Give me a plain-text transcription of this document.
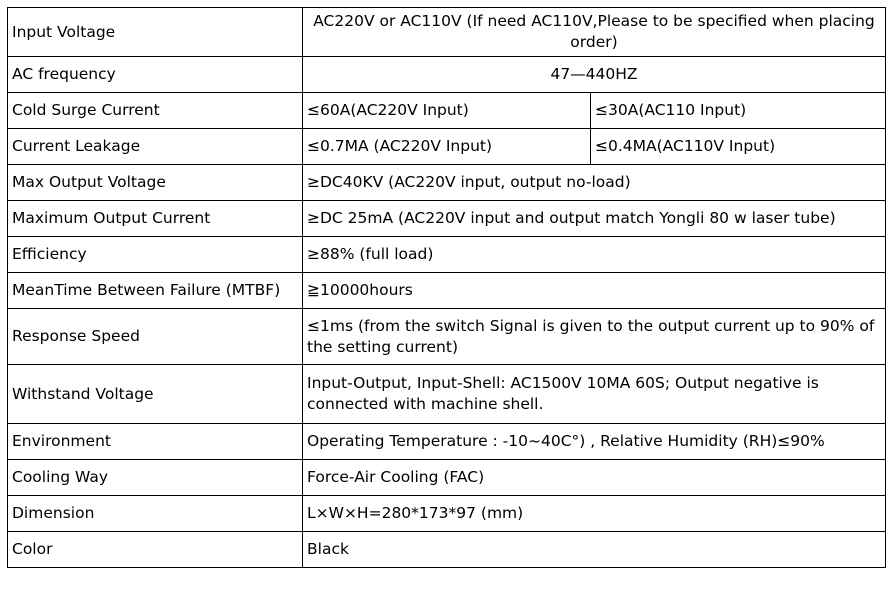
Input Voltage	AC220V or AC110V (If need AC110V,Please to be specified when placing order)	
AC frequency	47—440HZ	
Cold Surge Current	≤60A(AC220V Input)	≤30A(AC110 Input)
Current Leakage	≤0.7MA (AC220V Input)	≤0.4MA(AC110V Input)
Max Output Voltage	≥DC40KV (AC220V input, output no-load)	
Maximum Output Current	≥DC 25mA (AC220V input and output match Yongli 80 w laser tube)	
Efficiency	≥88% (full load)	
MeanTime Between Failure (MTBF)	≧10000hours	
Response Speed	≤1ms (from the switch Signal is given to the output current up to 90% of the setting current)	
Withstand Voltage	Input-Output, Input-Shell: AC1500V 10MA 60S; Output negative is connected with machine shell.	
Environment	Operating Temperature : -10~40C°) , Relative Humidity (RH)≤90%	
Cooling Way	Force-Air Cooling (FAC)	
Dimension	L×W×H=280*173*97 (mm)	
Color	Black	
